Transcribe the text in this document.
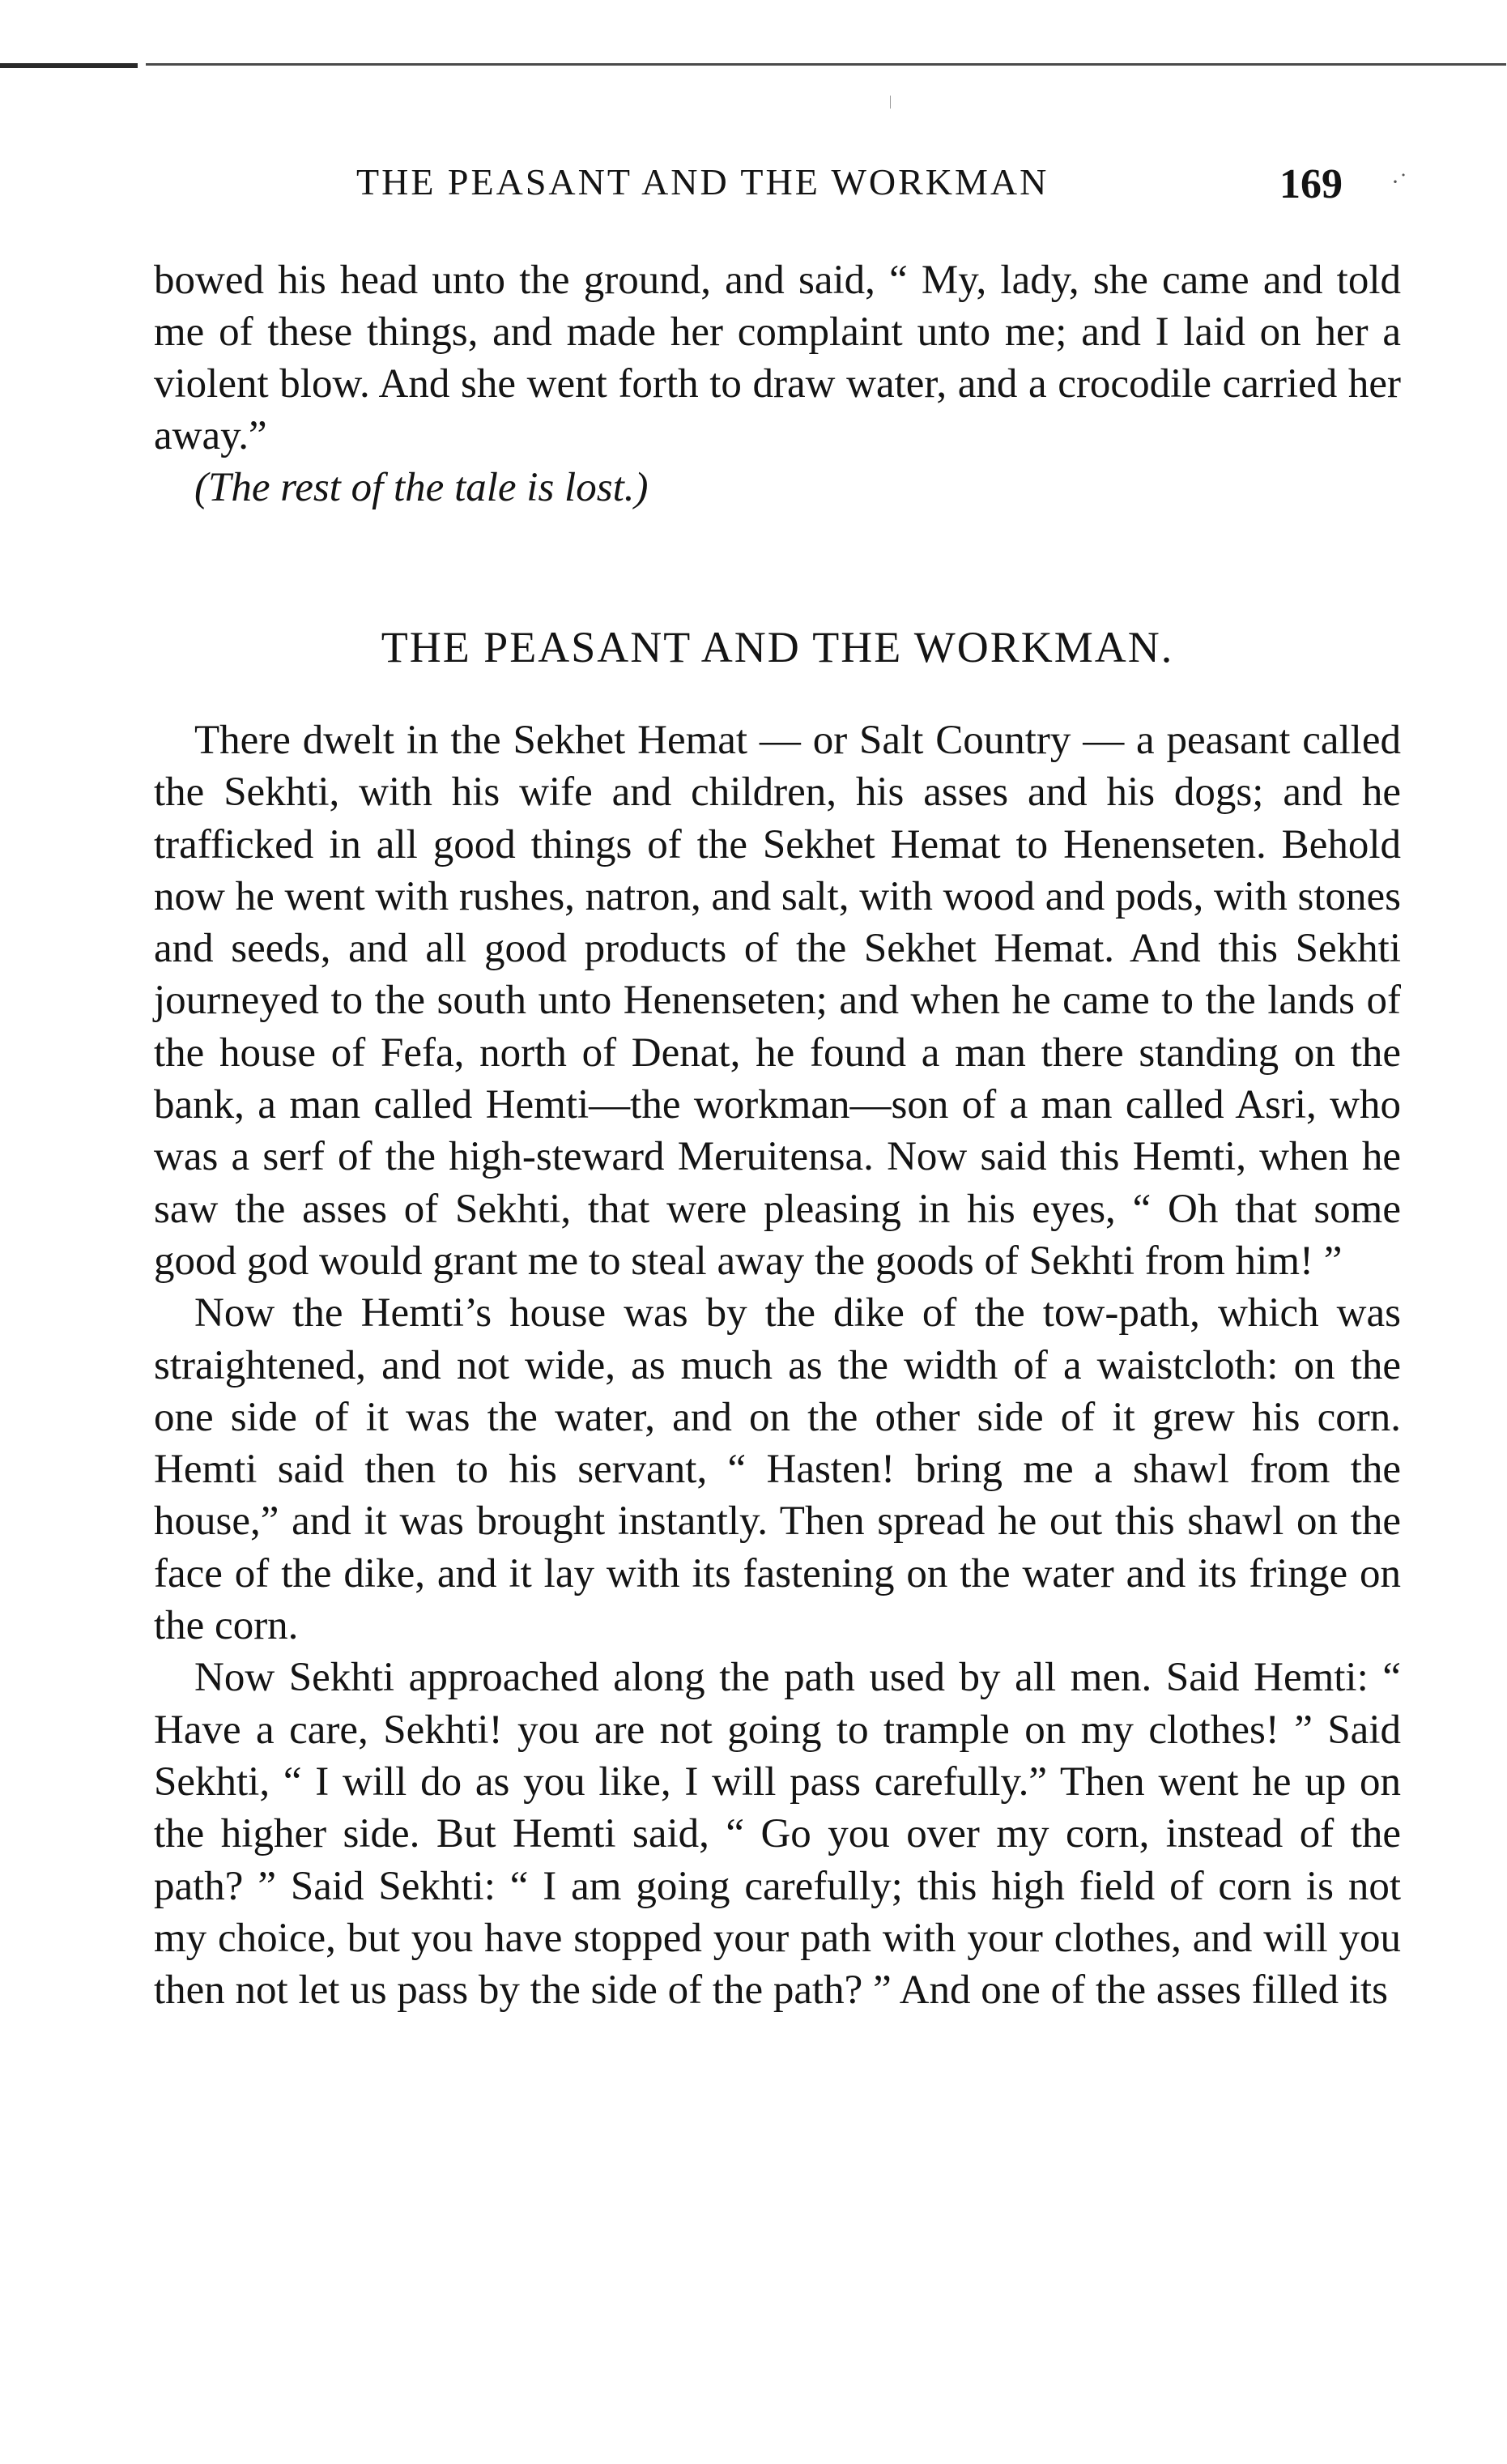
THE PEASANT AND THE WORKMAN	169 ·˙

bowed his head unto the ground, and said, “ My, lady, she came and told me of these things, and made her complaint unto me; and I laid on her a violent blow. And she went forth to draw water, and a crocodile carried her away.”

(The rest of the tale is lost.)

THE PEASANT AND THE WORKMAN.

There dwelt in the Sekhet Hemat — or Salt Country — a peasant called the Sekhti, with his wife and children, his asses and his dogs; and he trafficked in all good things of the Sekhet Hemat to Henenseten. Behold now he went with rushes, natron, and salt, with wood and pods, with stones and seeds, and all good products of the Sekhet Hemat. And this Sekhti journeyed to the south unto Henenseten; and when he came to the lands of the house of Fefa, north of Denat, he found a man there standing on the bank, a man called Hemti—the workman—son of a man called Asri, who was a serf of the high-steward Meruitensa. Now said this Hemti, when he saw the asses of Sekhti, that were pleasing in his eyes, “ Oh that some good god would grant me to steal away the goods of Sekhti from him! ”

Now the Hemti’s house was by the dike of the tow-path, which was straightened, and not wide, as much as the width of a waistcloth: on the one side of it was the water, and on the other side of it grew his corn. Hemti said then to his servant, “ Hasten! bring me a shawl from the house,” and it was brought instantly. Then spread he out this shawl on the face of the dike, and it lay with its fastening on the water and its fringe on the corn.

Now Sekhti approached along the path used by all men. Said Hemti: “ Have a care, Sekhti! you are not going to trample on my clothes! ” Said Sekhti, “ I will do as you like, I will pass carefully.” Then went he up on the higher side. But Hemti said, “ Go you over my corn, instead of the path? ” Said Sekhti: “ I am going carefully; this high field of corn is not my choice, but you have stopped your path with your clothes, and will you then not let us pass by the side of the path? ” And one of the asses filled its
